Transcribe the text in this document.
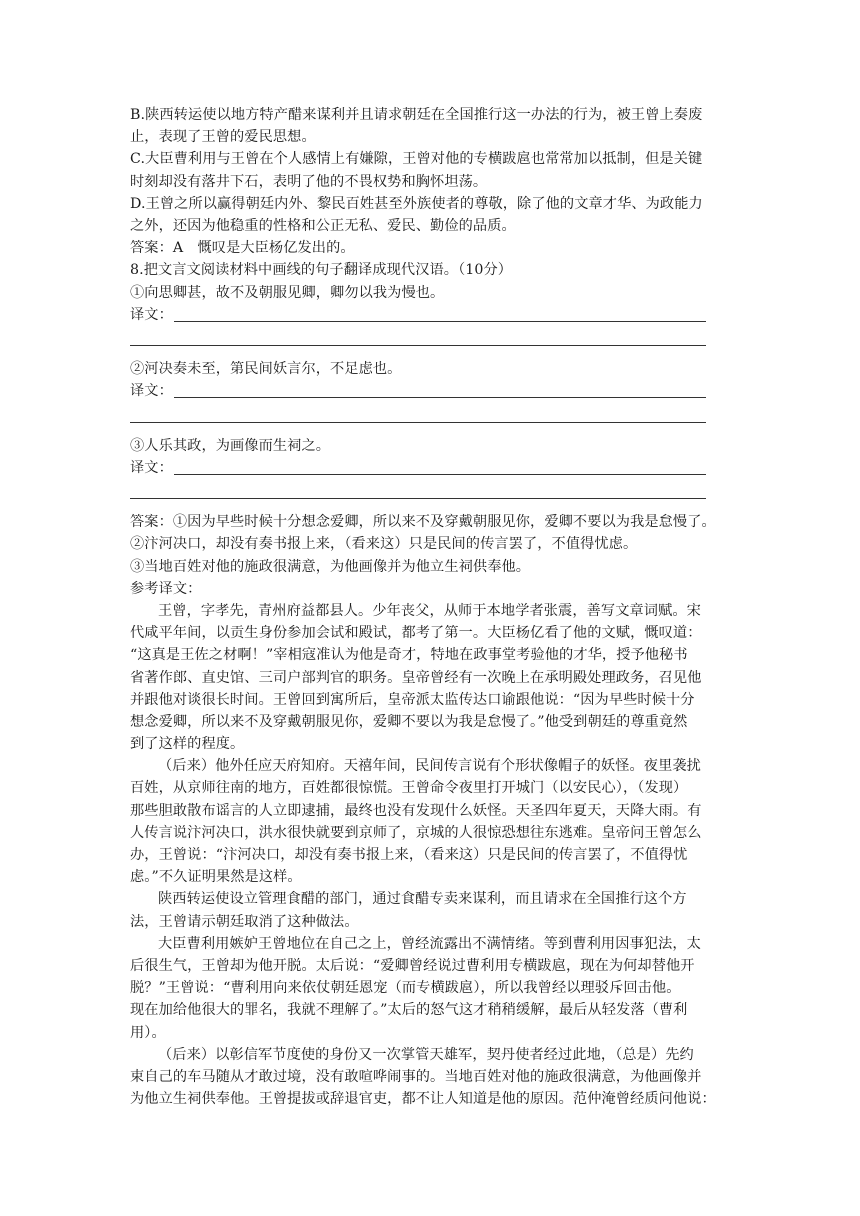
B.陕西转运使以地方特产醋来谋利并且请求朝廷在全国推行这一办法的行为，被王曾上奏废
止，表现了王曾的爱民思想。
C.大臣曹利用与王曾在个人感情上有嫌隙，王曾对他的专横跋扈也常常加以抵制，但是关键
时刻却没有落井下石，表明了他的不畏权势和胸怀坦荡。
D.王曾之所以赢得朝廷内外、黎民百姓甚至外族使者的尊敬，除了他的文章才华、为政能力
之外，还因为他稳重的性格和公正无私、爱民、勤俭的品质。
答案：A　慨叹是大臣杨亿发出的。
8.把文言文阅读材料中画线的句子翻译成现代汉语。（10分）
①向思卿甚，故不及朝服见卿，卿勿以我为慢也。
译文：
②河决奏未至，第民间妖言尔，不足虑也。
译文：
③人乐其政，为画像而生祠之。
译文：
答案：①因为早些时候十分想念爱卿，所以来不及穿戴朝服见你，爱卿不要以为我是怠慢了。
②汴河决口，却没有奏书报上来，（看来这）只是民间的传言罢了，不值得忧虑。
③当地百姓对他的施政很满意，为他画像并为他立生祠供奉他。
参考译文：
王曾，字孝先，青州府益都县人。少年丧父，从师于本地学者张震，善写文章词赋。宋
代咸平年间，以贡生身份参加会试和殿试，都考了第一。大臣杨亿看了他的文赋，慨叹道：
“这真是王佐之材啊！”宰相寇准认为他是奇才，特地在政事堂考验他的才华，授予他秘书
省著作郎、直史馆、三司户部判官的职务。皇帝曾经有一次晚上在承明殿处理政务，召见他
并跟他对谈很长时间。王曾回到寓所后，皇帝派太监传达口谕跟他说：“因为早些时候十分
想念爱卿，所以来不及穿戴朝服见你，爱卿不要以为我是怠慢了。”他受到朝廷的尊重竟然
到了这样的程度。
（后来）他外任应天府知府。天禧年间，民间传言说有个形状像帽子的妖怪。夜里袭扰
百姓，从京师往南的地方，百姓都很惊慌。王曾命令夜里打开城门（以安民心），（发现）
那些胆敢散布谣言的人立即逮捕，最终也没有发现什么妖怪。天圣四年夏天，天降大雨。有
人传言说汴河决口，洪水很快就要到京师了，京城的人很惊恐想往东逃难。皇帝问王曾怎么
办，王曾说：“汴河决口，却没有奏书报上来，（看来这）只是民间的传言罢了，不值得忧
虑。”不久证明果然是这样。
陕西转运使设立管理食醋的部门，通过食醋专卖来谋利，而且请求在全国推行这个方
法，王曾请示朝廷取消了这种做法。
大臣曹利用嫉妒王曾地位在自己之上，曾经流露出不满情绪。等到曹利用因事犯法，太
后很生气，王曾却为他开脱。太后说：“爱卿曾经说过曹利用专横跋扈，现在为何却替他开
脱？”王曾说：“曹利用向来依仗朝廷恩宠（而专横跋扈），所以我曾经以理驳斥回击他。
现在加给他很大的罪名，我就不理解了。”太后的怒气这才稍稍缓解，最后从轻发落（曹利
用）。
（后来）以彰信军节度使的身份又一次掌管天雄军，契丹使者经过此地，（总是）先约
束自己的车马随从才敢过境，没有敢喧哗闹事的。当地百姓对他的施政很满意，为他画像并
为他立生祠供奉他。王曾提拔或辞退官吏，都不让人知道是他的原因。范仲淹曾经质问他说：
